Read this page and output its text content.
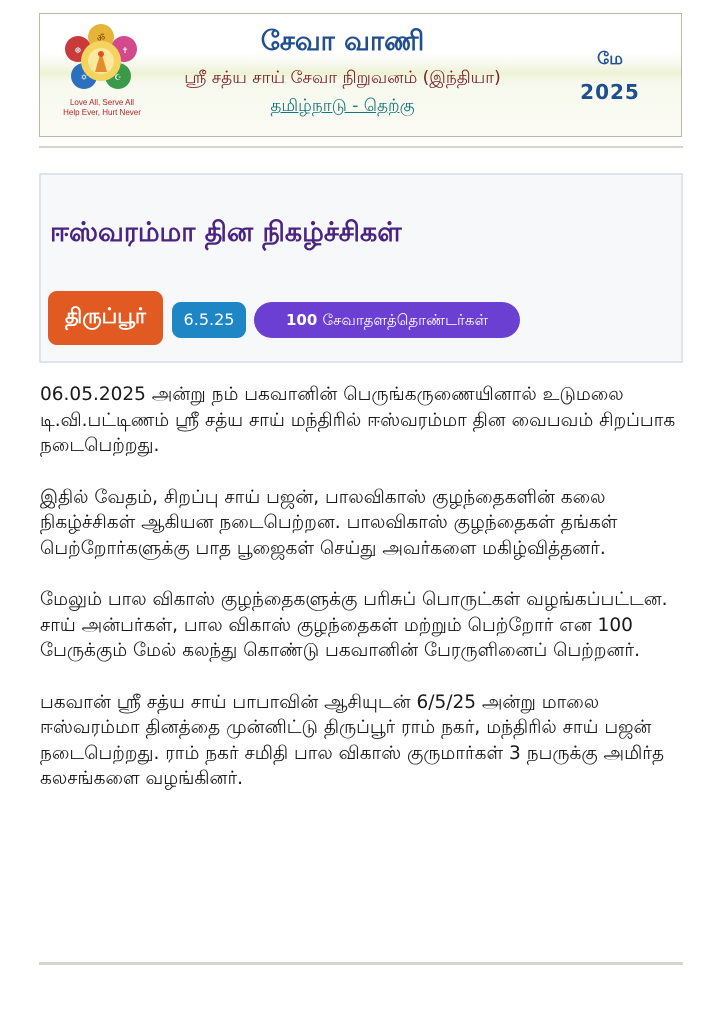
ॐ
✝
☸
✡	☪
Love All, Serve All
Help Ever, Hurt Never
சேவா வாணி
ஸ்ரீ சத்ய சாய் சேவா நிறுவனம் (இந்தியா)
தமிழ்நாடு - தெற்கு
மே
2025
ஈஸ்வரம்மா தின நிகழ்ச்சிகள்
திருப்பூர்	6.5.25	100 சேவாதளத்தொண்டர்கள்

06.05.2025 அன்று நம் பகவானின் பெருங்கருணையினால் உடுமலை டி.வி.பட்டிணம் ஸ்ரீ சத்ய சாய் மந்திரில் ஈஸ்வரம்மா தின வைபவம் சிறப்பாக நடைபெற்றது.

இதில் வேதம், சிறப்பு சாய் பஜன், பாலவிகாஸ் குழந்தைகளின் கலை நிகழ்ச்சிகள் ஆகியன நடைபெற்றன. பாலவிகாஸ் குழந்தைகள் தங்கள் பெற்றோர்களுக்கு பாத பூஜைகள் செய்து அவர்களை மகிழ்வித்தனர்.

மேலும் பால விகாஸ் குழந்தைகளுக்கு பரிசுப் பொருட்கள் வழங்கப்பட்டன. சாய் அன்பர்கள், பால விகாஸ் குழந்தைகள் மற்றும் பெற்றோர் என 100 பேருக்கும் மேல் கலந்து கொண்டு பகவானின் பேரருளினைப் பெற்றனர்.

பகவான் ஸ்ரீ சத்ய சாய் பாபாவின் ஆசியுடன் 6/5/25 அன்று மாலை ஈஸ்வரம்மா தினத்தை முன்னிட்டு திருப்பூர் ராம் நகர், மந்திரில் சாய் பஜன் நடைபெற்றது. ராம் நகர் சமிதி பால விகாஸ் குருமார்கள் 3 நபருக்கு அமிர்த கலசங்களை வழங்கினர்.
